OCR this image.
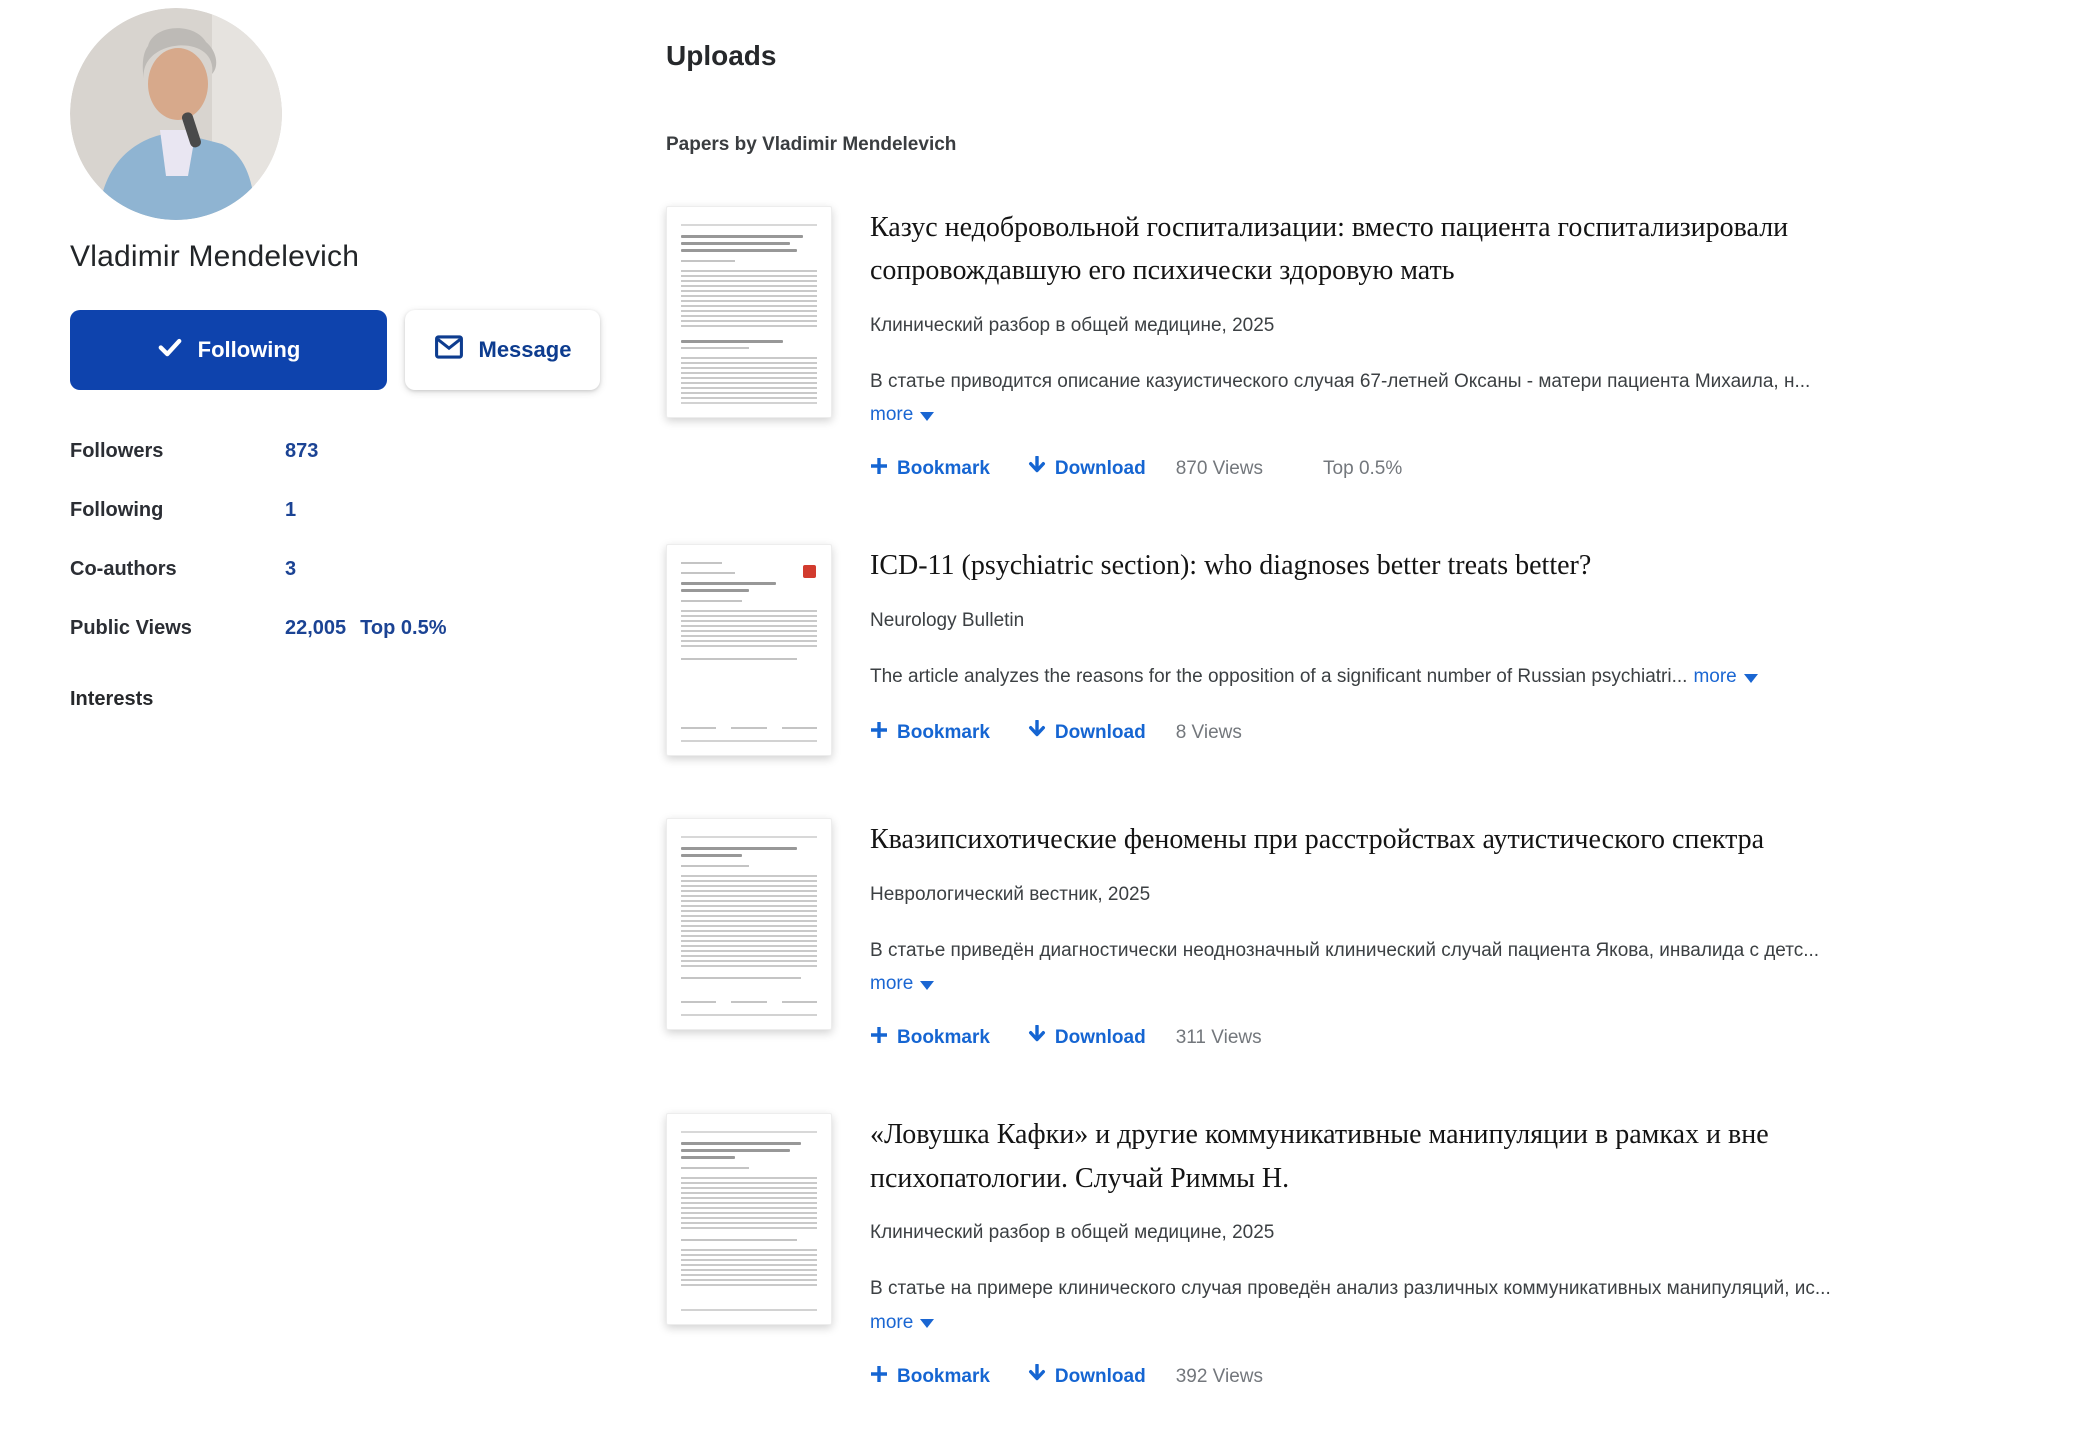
Vladimir Mendelevich
Following	Message
Followers	873
Following	1
Co-authors	3
Public Views	22,005 Top 0.5%
Interests
Uploads
Papers by Vladimir Mendelevich
Казус недобровольной госпитализации: вместо пациента госпитализировали сопровождавшую его психически здоровую мать
Клинический разбор в общей медицине, 2025
В статье приводится описание казуистического случая 67-летней Оксаны - матери пациента Михаила, н...
more
Bookmark	Download 870 Views	Top 0.5%
ICD-11 (psychiatric section): who diagnoses better treats better?
Neurology Bulletin
The article analyzes the reasons for the opposition of a significant number of Russian psychiatri... more
Bookmark	Download 8 Views
Квазипсихотические феномены при расстройствах аутистического спектра
Неврологический вестник, 2025
В статье приведён диагностически неоднозначный клинический случай пациента Якова, инвалида с детс...
more
Bookmark	Download 311 Views
«Ловушка Кафки» и другие коммуникативные манипуляции в рамках и вне психопатологии. Случай Риммы Н.
Клинический разбор в общей медицине, 2025
В статье на примере клинического случая проведён анализ различных коммуникативных манипуляций, ис...
more
Bookmark	Download 392 Views
